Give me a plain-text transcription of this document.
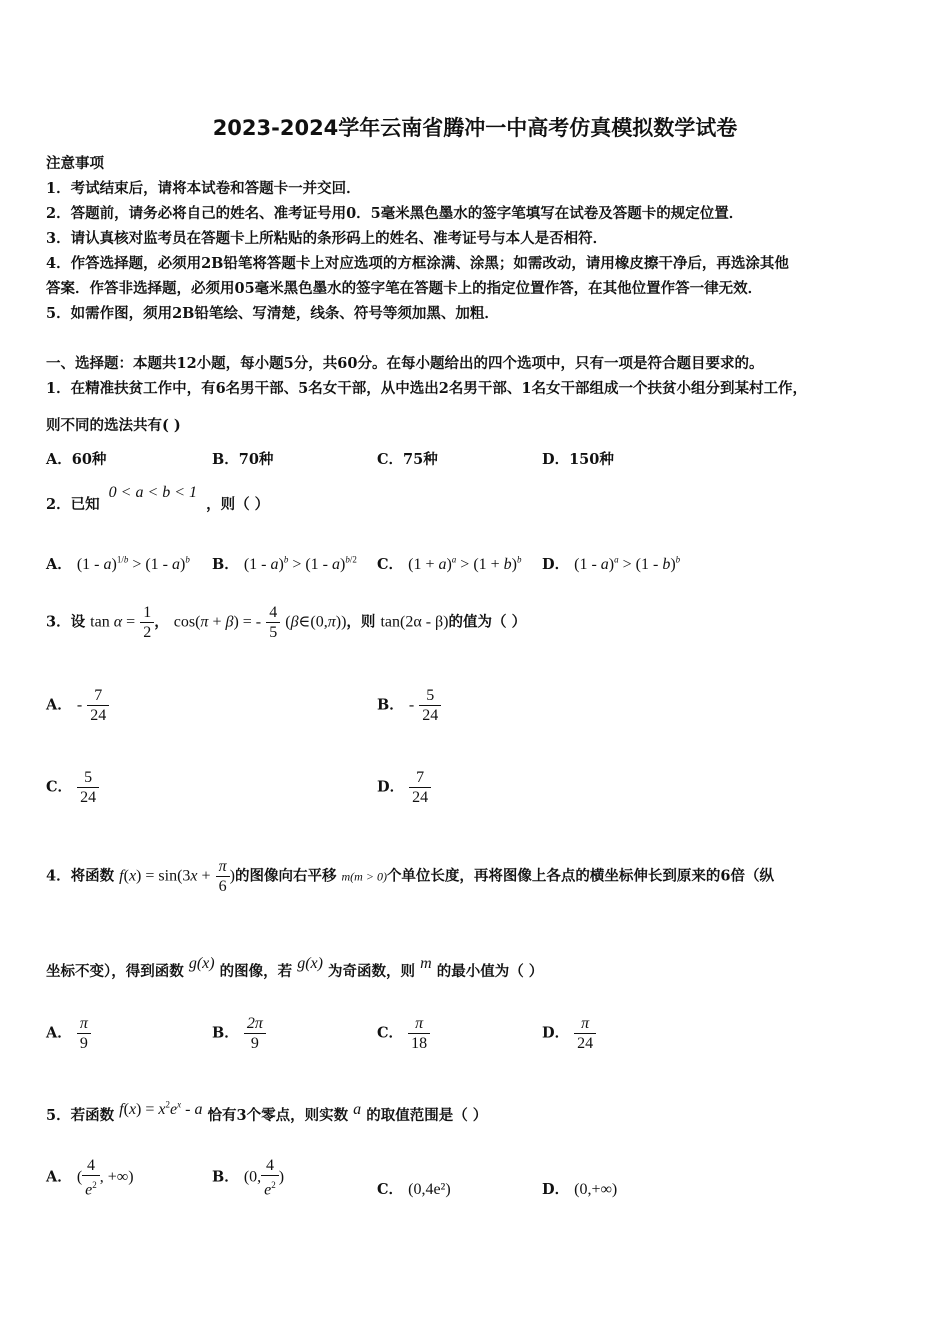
2023-2024学年云南省腾冲一中高考仿真模拟数学试卷
注意事项
1．考试结束后，请将本试卷和答题卡一并交回．
2．答题前，请务必将自己的姓名、准考证号用0．5毫米黑色墨水的签字笔填写在试卷及答题卡的规定位置．
3．请认真核对监考员在答题卡上所粘贴的条形码上的姓名、准考证号与本人是否相符．
4．作答选择题，必须用2B铅笔将答题卡上对应选项的方框涂满、涂黑；如需改动，请用橡皮擦干净后，再选涂其他
答案．作答非选择题，必须用05毫米黑色墨水的签字笔在答题卡上的指定位置作答，在其他位置作答一律无效．
5．如需作图，须用2B铅笔绘、写清楚，线条、符号等须加黑、加粗．
一、选择题：本题共12小题，每小题5分，共60分。在每小题给出的四个选项中，只有一项是符合题目要求的。
1．在精准扶贫工作中，有6名男干部、5名女干部，从中选出2名男干部、1名女干部组成一个扶贫小组分到某村工作，
则不同的选法共有( )
A．60种	B．70种	C．75种	D．150种
2．已知 0 < a < b < 1 ，则（ ）
A． (1 - a)$^{1/b}$ > (1 - a)$^b$ B． (1 - a)$^b$ > (1 - a)$^{b/2}$ C． $(1 + a)^a > (1 + b)^b$ D． (1 - a)$^a$ > (1 - b)$^b$
3．设 $\tan \alpha = \frac{1}{2}$ ， cos(π + β) = - $\frac{4}{5}$ (β∈(0,π))，则 tan(2α - β)的值为（ ）
A． - $\frac{7}{24}$	B． - $\frac{5}{24}$
C． $\frac{5}{24}$	D． $\frac{7}{24}$
4．将函数 $f(x) = \sin(3x + \frac{\pi}{6}$ )的图像向右平移 m(m > 0)个单位长度，再将图像上各点的横坐标伸长到原来的6倍（纵
坐标不变），得到函数 g(x) 的图像，若 g(x) 为奇函数，则 m 的最小值为（ ）
A． $\frac{\pi}{9}$	B． $\frac{2\pi}{9}$	C． $\frac{\pi}{18}$	D． $\frac{\pi}{24}$
5．若函数 $f(x) = x^2e^x - a$ 恰有3个零点，则实数 a 的取值范围是（ ）
A． ( $\frac{4}{e^2}$ , +∞)	B． (0, $\frac{4}{e^2}$ )
C． (0,4e²)	D． (0,+∞)
